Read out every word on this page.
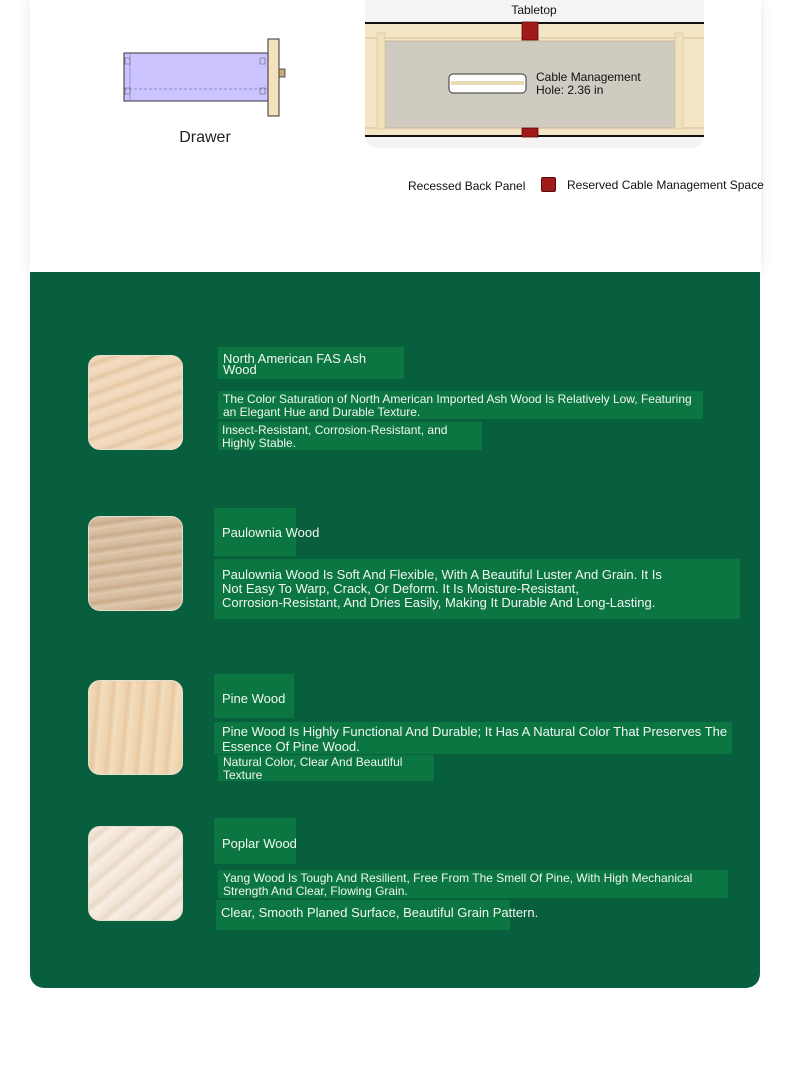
Drawer
Tabletop
Cable Management
Hole: 2.36 in
Recessed Back Panel	Reserved Cable Management Space
North American FAS Ash
Wood
The Color Saturation of North American Imported Ash Wood Is Relatively Low, Featuring
an Elegant Hue and Durable Texture.
Insect-Resistant, Corrosion-Resistant, and
Highly Stable.
Paulownia Wood
Paulownia Wood Is Soft And Flexible, With A Beautiful Luster And Grain. It Is
Not Easy To Warp, Crack, Or Deform. It Is Moisture-Resistant,
Corrosion-Resistant, And Dries Easily, Making It Durable And Long-Lasting.
Pine Wood
Pine Wood Is Highly Functional And Durable; It Has A Natural Color That Preserves The
Essence Of Pine Wood.
Natural Color, Clear And Beautiful
Texture
Poplar Wood
Yang Wood Is Tough And Resilient, Free From The Smell Of Pine, With High Mechanical
Strength And Clear, Flowing Grain.
Clear, Smooth Planed Surface, Beautiful Grain Pattern.
